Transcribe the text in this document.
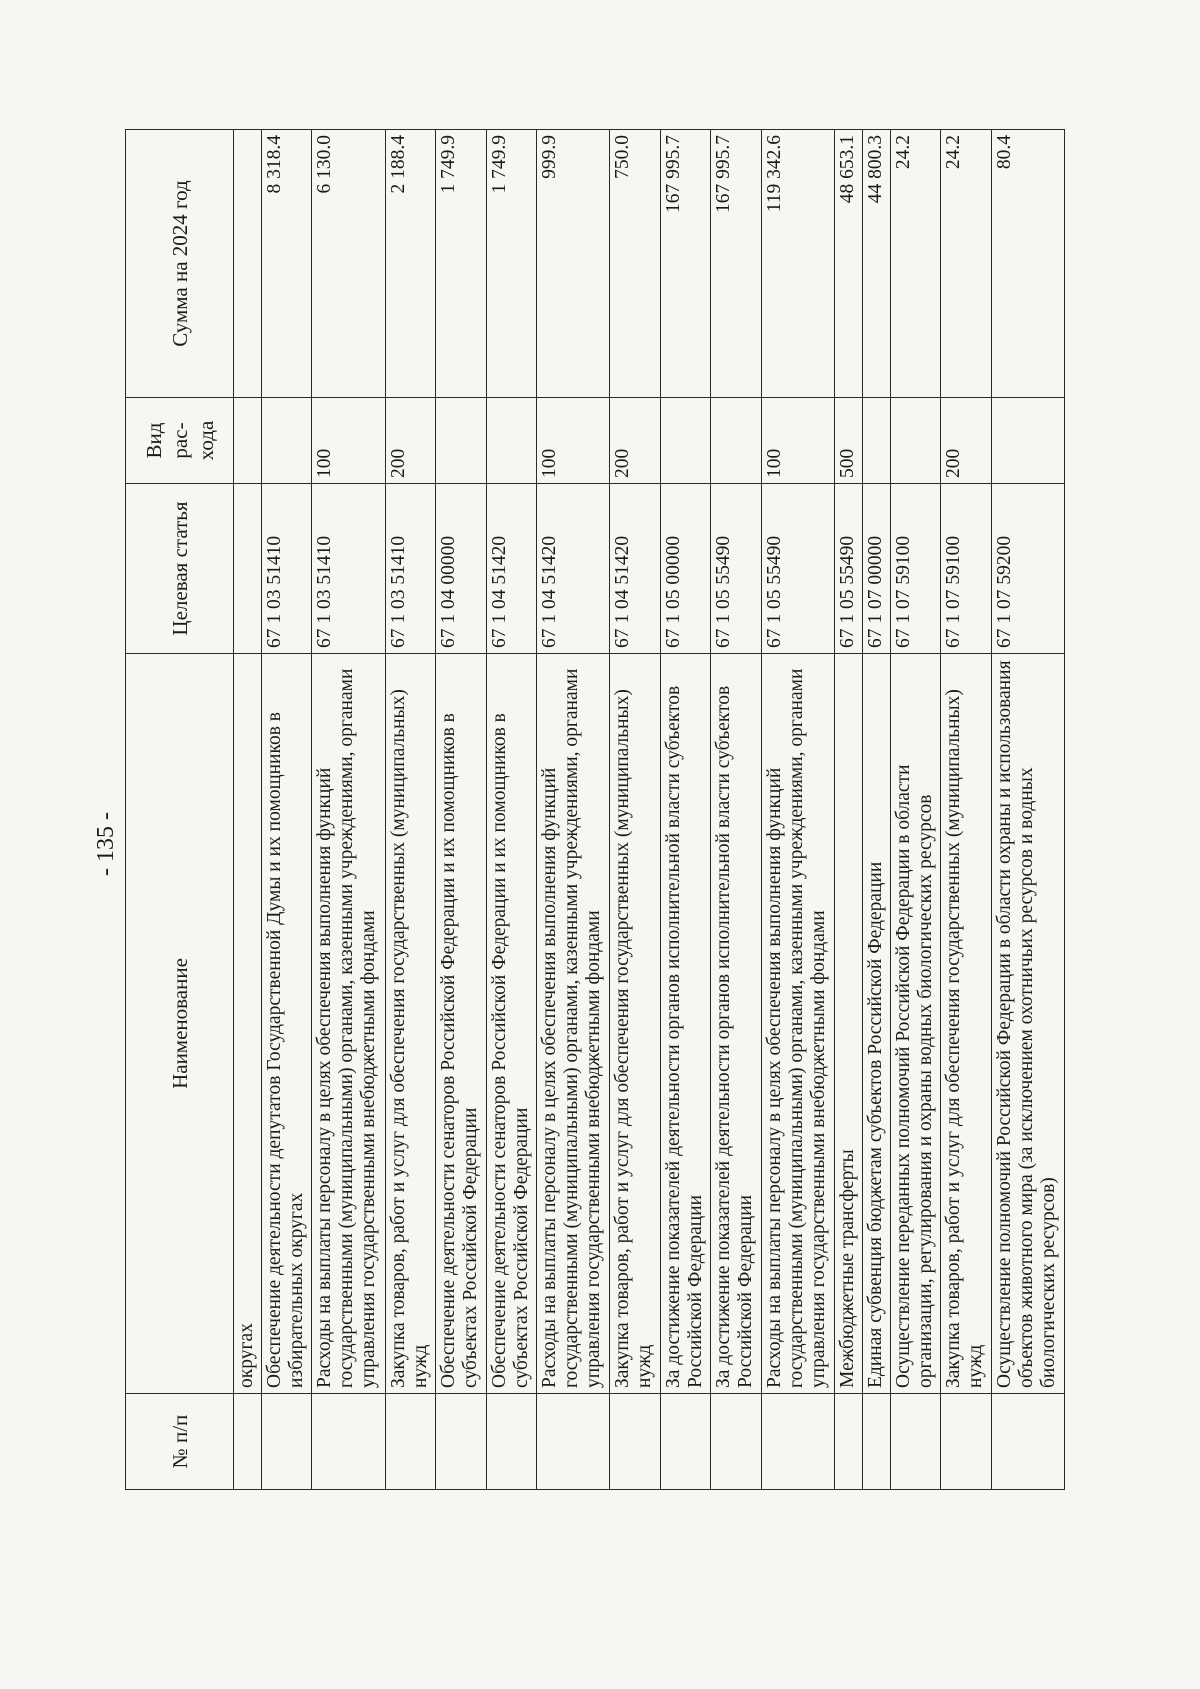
- 135 -
№ п/п	Наименование	Целевая статья	Вид рас- хода	Сумма на 2024 год
	округах			
	Обеспечение деятельности депутатов Государственной Думы и их помощников в избирательных округах	67 1 03 51410		8 318.4
	Расходы на выплаты персоналу в целях обеспечения выполнения функций государственными (муниципальными) органами, казенными учреждениями, органами управления государственными внебюджетными фондами	67 1 03 51410	100	6 130.0
	Закупка товаров, работ и услуг для обеспечения государственных (муниципальных) нужд	67 1 03 51410	200	2 188.4
	Обеспечение деятельности сенаторов Российской Федерации и их помощников в субъектах Российской Федерации	67 1 04 00000		1 749.9
	Обеспечение деятельности сенаторов Российской Федерации и их помощников в субъектах Российской Федерации	67 1 04 51420		1 749.9
	Расходы на выплаты персоналу в целях обеспечения выполнения функций государственными (муниципальными) органами, казенными учреждениями, органами управления государственными внебюджетными фондами	67 1 04 51420	100	999.9
	Закупка товаров, работ и услуг для обеспечения государственных (муниципальных) нужд	67 1 04 51420	200	750.0
	За достижение показателей деятельности органов исполнительной власти субъектов Российской Федерации	67 1 05 00000		167 995.7
	За достижение показателей деятельности органов исполнительной власти субъектов Российской Федерации	67 1 05 55490		167 995.7
	Расходы на выплаты персоналу в целях обеспечения выполнения функций государственными (муниципальными) органами, казенными учреждениями, органами управления государственными внебюджетными фондами	67 1 05 55490	100	119 342.6
	Межбюджетные трансферты	67 1 05 55490	500	48 653.1
	Единая субвенция бюджетам субъектов Российской Федерации	67 1 07 00000		44 800.3
	Осуществление переданных полномочий Российской Федерации в области организации, регулирования и охраны водных биологических ресурсов	67 1 07 59100		24.2
	Закупка товаров, работ и услуг для обеспечения государственных (муниципальных) нужд	67 1 07 59100	200	24.2
	Осуществление полномочий Российской Федерации в области охраны и использования объектов животного мира (за исключением охотничьих ресурсов и водных биологических ресурсов)	67 1 07 59200		80.4
